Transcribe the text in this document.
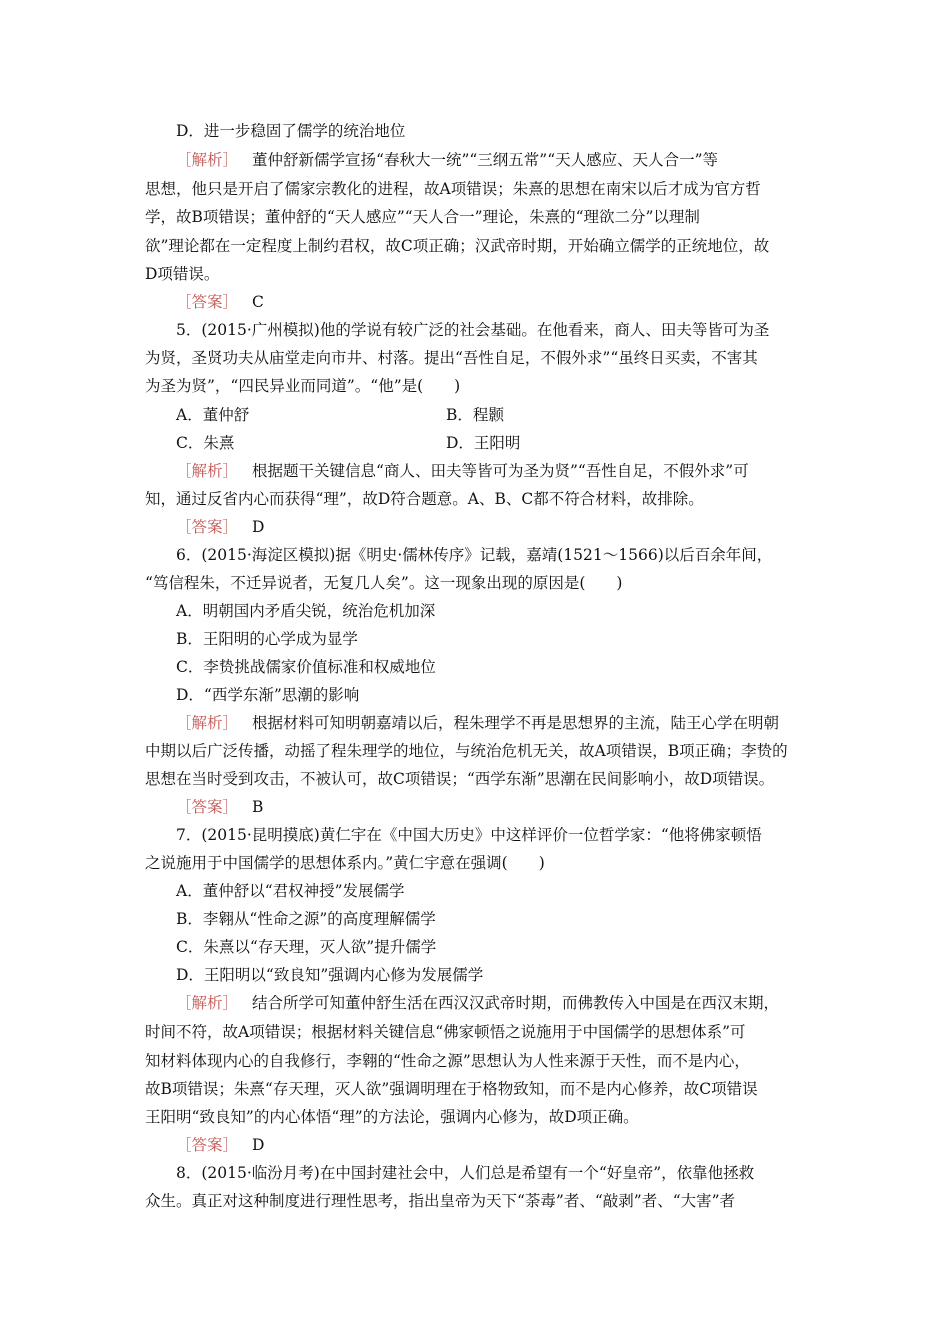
D．进一步稳固了儒学的统治地位
［解析］ 董仲舒新儒学宣扬“春秋大一统”“三纲五常”“天人感应、天人合一”等
思想，他只是开启了儒家宗教化的进程，故A项错误；朱熹的思想在南宋以后才成为官方哲
学，故B项错误；董仲舒的“天人感应”“天人合一”理论，朱熹的“理欲二分”以理制
欲”理论都在一定程度上制约君权，故C项正确；汉武帝时期，开始确立儒学的正统地位，故
D项错误。
［答案］ C
5．(2015·广州模拟)他的学说有较广泛的社会基础。在他看来，商人、田夫等皆可为圣
为贤，圣贤功夫从庙堂走向市井、村落。提出“吾性自足，不假外求”“虽终日买卖，不害其
为圣为贤”，“四民异业而同道”。“他”是(　　)
A．董仲舒	B．程颢
C．朱熹	D．王阳明
［解析］ 根据题干关键信息“商人、田夫等皆可为圣为贤”“吾性自足，不假外求”可
知，通过反省内心而获得“理”，故D符合题意。A、B、C都不符合材料，故排除。
［答案］ D
6．(2015·海淀区模拟)据《明史·儒林传序》记载，嘉靖(1521～1566)以后百余年间，
“笃信程朱，不迁异说者，无复几人矣”。这一现象出现的原因是(　　)
A．明朝国内矛盾尖锐，统治危机加深
B．王阳明的心学成为显学
C．李贽挑战儒家价值标准和权威地位
D．“西学东渐”思潮的影响
［解析］ 根据材料可知明朝嘉靖以后，程朱理学不再是思想界的主流，陆王心学在明朝
中期以后广泛传播，动摇了程朱理学的地位，与统治危机无关，故A项错误，B项正确；李贽的
思想在当时受到攻击，不被认可，故C项错误；“西学东渐”思潮在民间影响小，故D项错误。
［答案］ B
7．(2015·昆明摸底)黄仁宇在《中国大历史》中这样评价一位哲学家：“他将佛家顿悟
之说施用于中国儒学的思想体系内。”黄仁宇意在强调(　　)
A．董仲舒以“君权神授”发展儒学
B．李翱从“性命之源”的高度理解儒学
C．朱熹以“存天理，灭人欲”提升儒学
D．王阳明以“致良知”强调内心修为发展儒学
［解析］ 结合所学可知董仲舒生活在西汉汉武帝时期，而佛教传入中国是在西汉末期，
时间不符，故A项错误；根据材料关键信息“佛家顿悟之说施用于中国儒学的思想体系”可
知材料体现内心的自我修行，李翱的“性命之源”思想认为人性来源于天性，而不是内心，
故B项错误；朱熹“存天理，灭人欲”强调明理在于格物致知，而不是内心修养，故C项错误
王阳明“致良知”的内心体悟“理”的方法论，强调内心修为，故D项正确。
［答案］ D
8．(2015·临汾月考)在中国封建社会中，人们总是希望有一个“好皇帝”，依靠他拯救
众生。真正对这种制度进行理性思考，指出皇帝为天下“荼毒”者、“敲剥”者、“大害”者
